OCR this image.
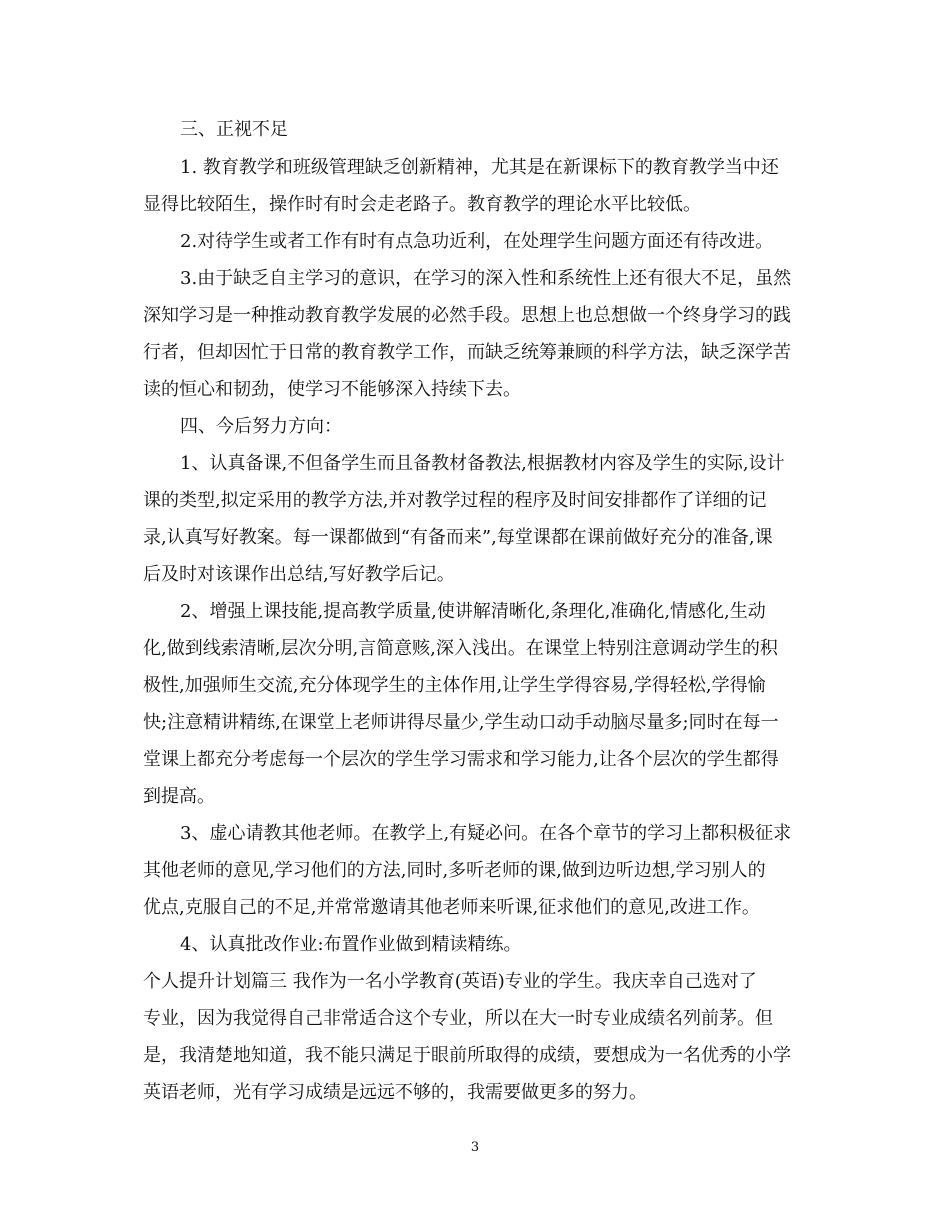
三、正视不足
1. 教育教学和班级管理缺乏创新精神，尤其是在新课标下的教育教学当中还
显得比较陌生，操作时有时会走老路子。教育教学的理论水平比较低。
2.对待学生或者工作有时有点急功近利，在处理学生问题方面还有待改进。
3.由于缺乏自主学习的意识，在学习的深入性和系统性上还有很大不足，虽然
深知学习是一种推动教育教学发展的必然手段。思想上也总想做一个终身学习的践
行者，但却因忙于日常的教育教学工作，而缺乏统筹兼顾的科学方法，缺乏深学苦
读的恒心和韧劲，使学习不能够深入持续下去。
四、今后努力方向：
1、认真备课,不但备学生而且备教材备教法,根据教材内容及学生的实际,设计
课的类型,拟定采用的教学方法,并对教学过程的程序及时间安排都作了详细的记
录,认真写好教案。每一课都做到“有备而来”,每堂课都在课前做好充分的准备,课
后及时对该课作出总结,写好教学后记。
2、增强上课技能,提高教学质量,使讲解清晰化,条理化,准确化,情感化,生动
化,做到线索清晰,层次分明,言简意赅,深入浅出。在课堂上特别注意调动学生的积
极性,加强师生交流,充分体现学生的主体作用,让学生学得容易,学得轻松,学得愉
快;注意精讲精练,在课堂上老师讲得尽量少,学生动口动手动脑尽量多;同时在每一
堂课上都充分考虑每一个层次的学生学习需求和学习能力,让各个层次的学生都得
到提高。
3、虚心请教其他老师。在教学上,有疑必问。在各个章节的学习上都积极征求
其他老师的意见,学习他们的方法,同时,多听老师的课,做到边听边想,学习别人的
优点,克服自己的不足,并常常邀请其他老师来听课,征求他们的意见,改进工作。
4、认真批改作业:布置作业做到精读精练。
个人提升计划篇三 我作为一名小学教育(英语)专业的学生。我庆幸自己选对了
专业，因为我觉得自己非常适合这个专业，所以在大一时专业成绩名列前茅。但
是，我清楚地知道，我不能只满足于眼前所取得的成绩，要想成为一名优秀的小学
英语老师，光有学习成绩是远远不够的，我需要做更多的努力。
3
